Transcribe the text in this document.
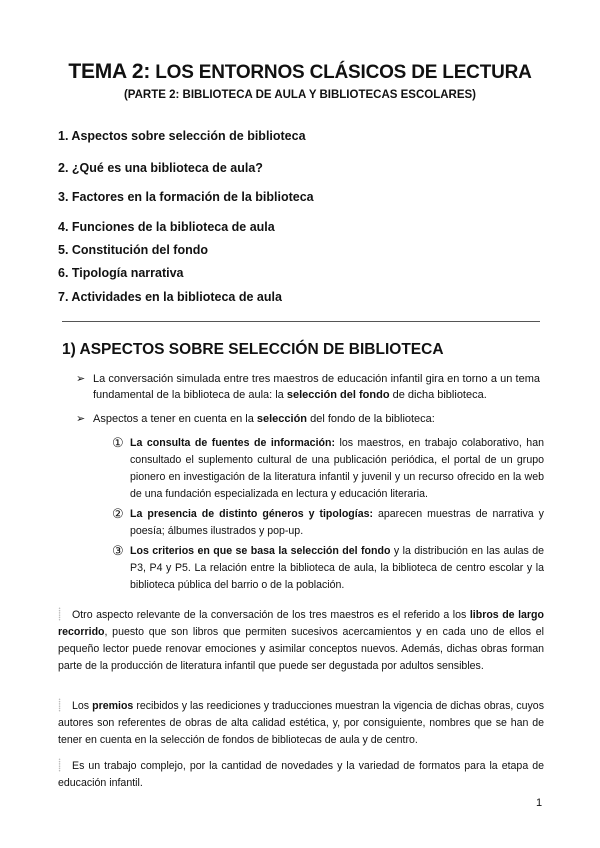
TEMA 2: LOS ENTORNOS CLÁSICOS DE LECTURA
(PARTE 2: BIBLIOTECA DE AULA Y BIBLIOTECAS ESCOLARES)
1. Aspectos sobre selección de biblioteca
2. ¿Qué es una biblioteca de aula?
3. Factores en la formación de la biblioteca
4. Funciones de la biblioteca de aula
5. Constitución del fondo
6. Tipología narrativa
7. Actividades en la biblioteca de aula
1) ASPECTOS SOBRE SELECCIÓN DE BIBLIOTECA
➢ La conversación simulada entre tres maestros de educación infantil gira en torno a un tema fundamental de la biblioteca de aula: la selección del fondo de dicha biblioteca.
➢ Aspectos a tener en cuenta en la selección del fondo de la biblioteca:
① La consulta de fuentes de información: los maestros, en trabajo colaborativo, han consultado el suplemento cultural de una publicación periódica, el portal de un grupo pionero en investigación de la literatura infantil y juvenil y un recurso ofrecido en la web de una fundación especializada en lectura y educación literaria.
② La presencia de distinto géneros y tipologías: aparecen muestras de narrativa y poesía; álbumes ilustrados y pop-up.
③ Los criterios en que se basa la selección del fondo y la distribución en las aulas de P3, P4 y P5. La relación entre la biblioteca de aula, la biblioteca de centro escolar y la biblioteca pública del barrio o de la población.
⸽ Otro aspecto relevante de la conversación de los tres maestros es el referido a los libros de largo recorrido, puesto que son libros que permiten sucesivos acercamientos y en cada uno de ellos el pequeño lector puede renovar emociones y asimilar conceptos nuevos. Además, dichas obras forman parte de la producción de literatura infantil que puede ser degustada por adultos sensibles.
⸽ Los premios recibidos y las reediciones y traducciones muestran la vigencia de dichas obras, cuyos autores son referentes de obras de alta calidad estética, y, por consiguiente, nombres que se han de tener en cuenta en la selección de fondos de bibliotecas de aula y de centro.
⸽ Es un trabajo complejo, por la cantidad de novedades y la variedad de formatos para la etapa de educación infantil.
1
